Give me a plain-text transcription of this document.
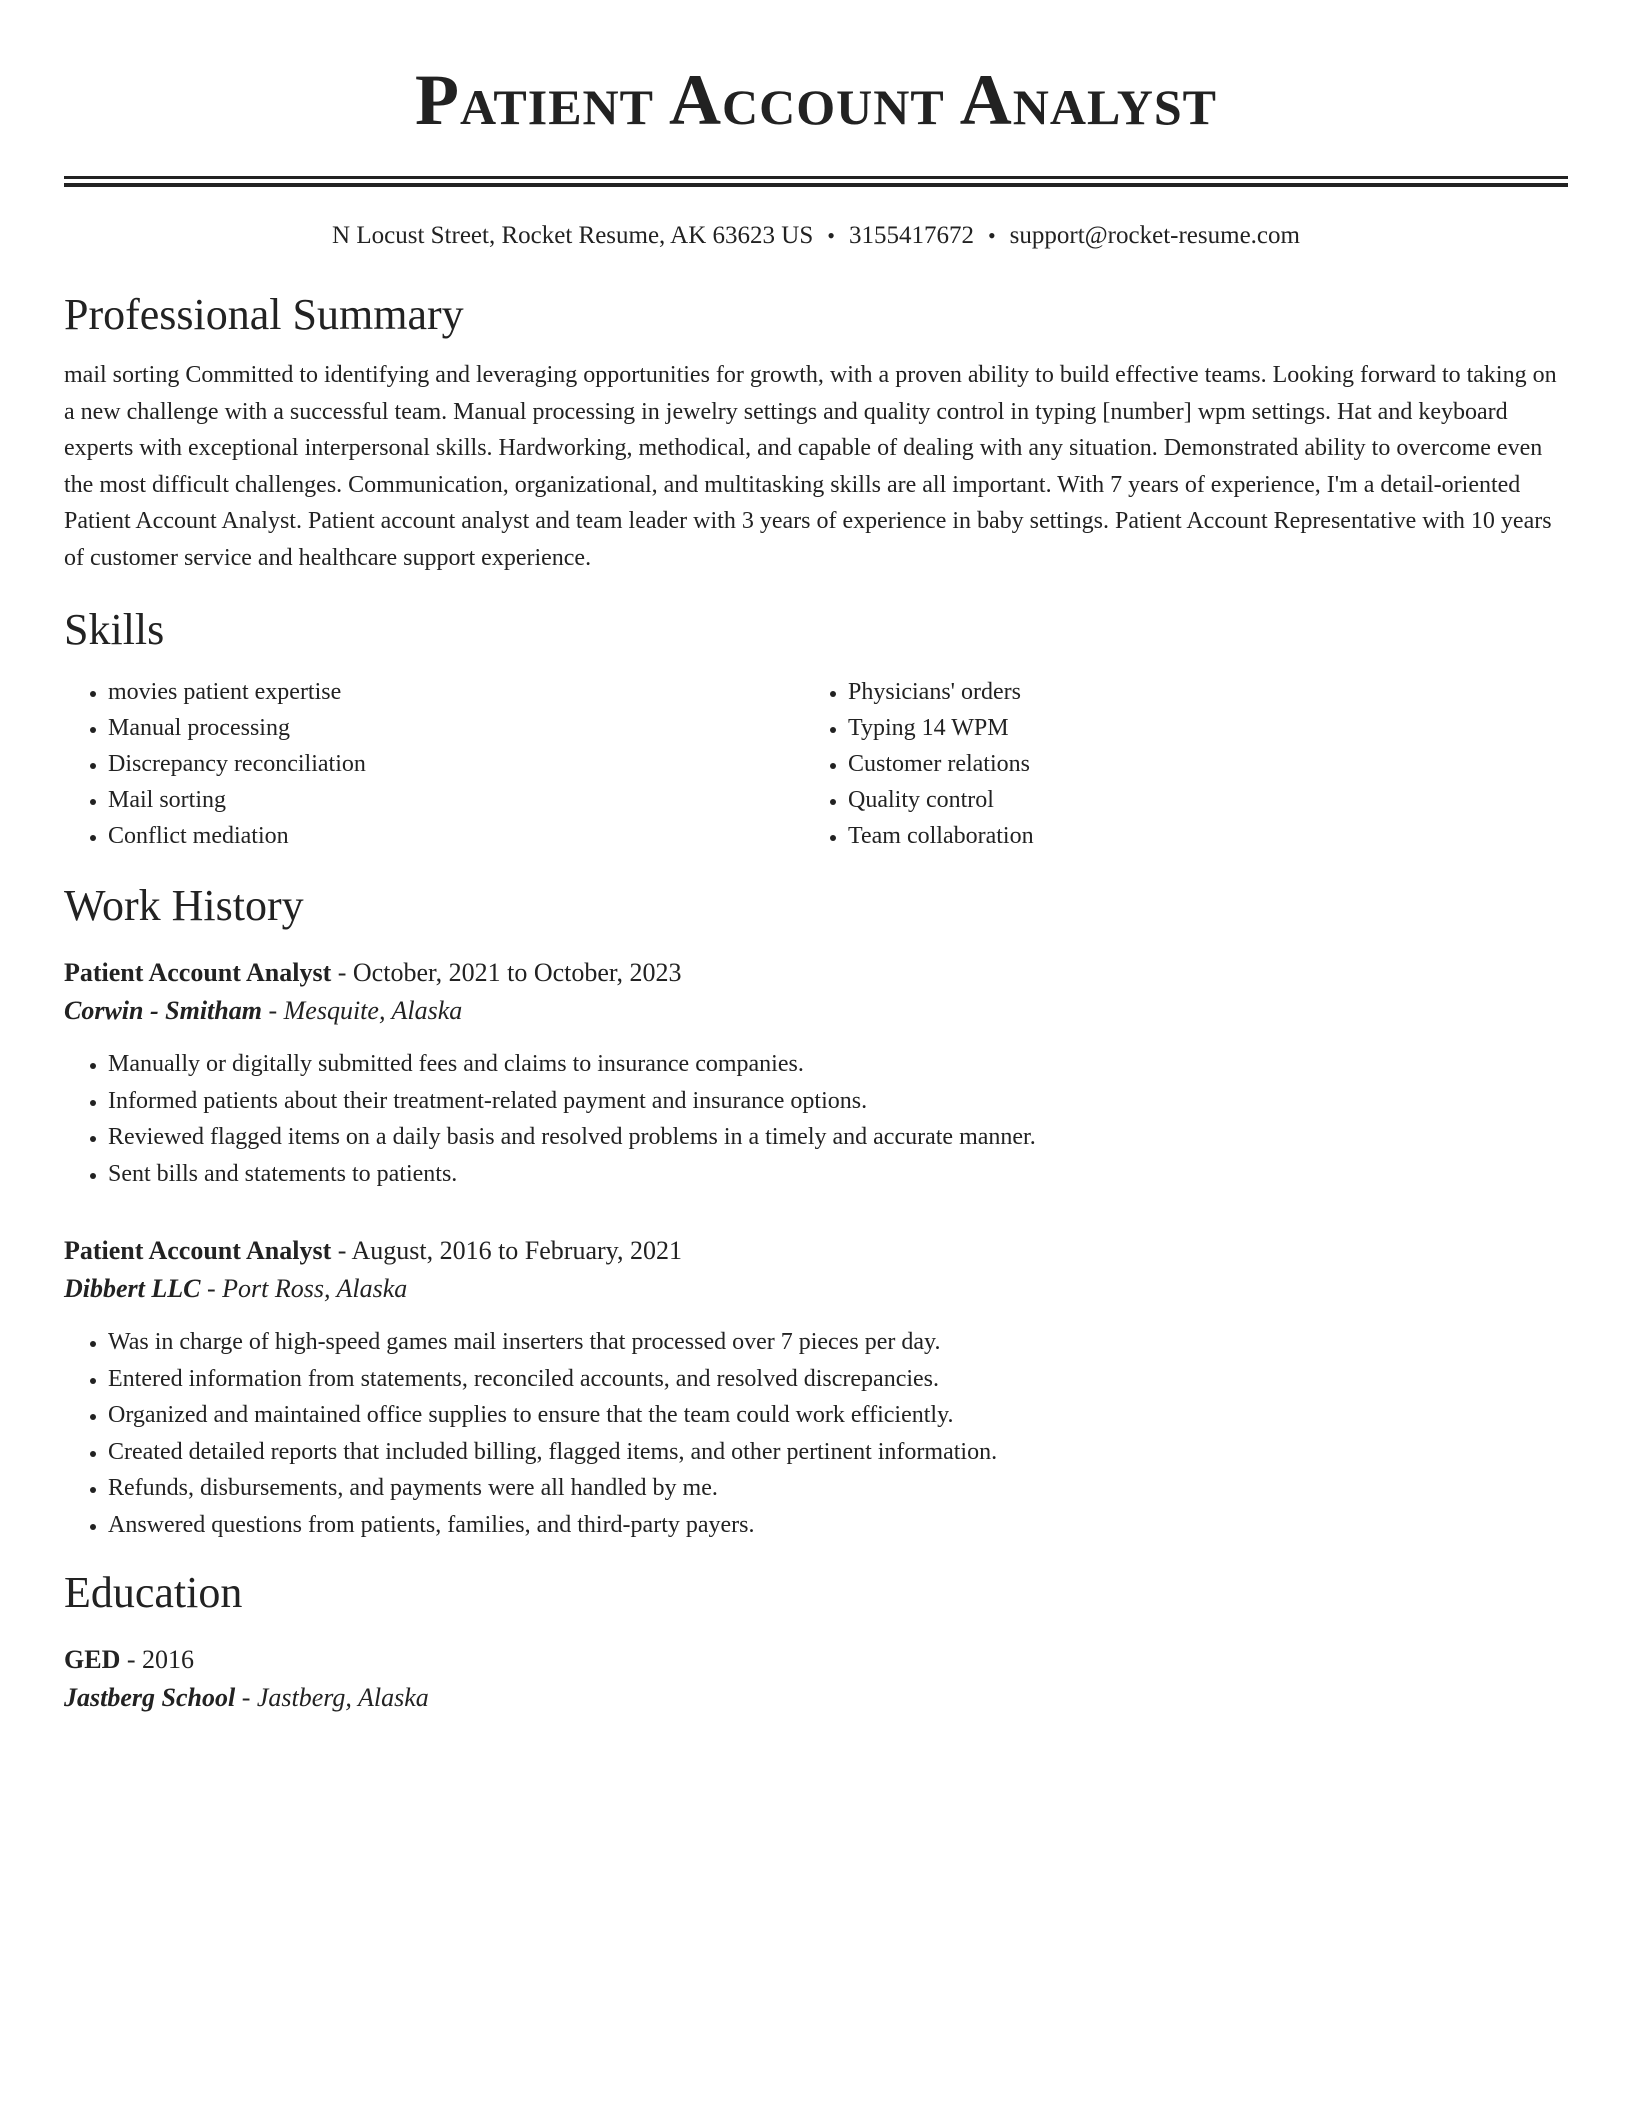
Patient Account Analyst
N Locust Street, Rocket Resume, AK 63623 US • 3155417672 • support@rocket-resume.com
Professional Summary

mail sorting Committed to identifying and leveraging opportunities for growth, with a proven ability to build effective teams. Looking forward to taking on a new challenge with a successful team. Manual processing in jewelry settings and quality control in typing [number] wpm settings. Hat and keyboard experts with exceptional interpersonal skills. Hardworking, methodical, and capable of dealing with any situation. Demonstrated ability to overcome even the most difficult challenges. Communication, organizational, and multitasking skills are all important. With 7 years of experience, I'm a detail-oriented Patient Account Analyst. Patient account analyst and team leader with 3 years of experience in baby settings. Patient Account Representative with 10 years of customer service and healthcare support experience.

Skills
• movies patient expertise
• Manual processing
• Discrepancy reconciliation
• Mail sorting
• Conflict mediation
• Physicians' orders
• Typing 14 WPM
• Customer relations
• Quality control
• Team collaboration
Work History
Patient Account Analyst - October, 2021 to October, 2023
Corwin - Smitham - Mesquite, Alaska
• Manually or digitally submitted fees and claims to insurance companies.
• Informed patients about their treatment-related payment and insurance options.
• Reviewed flagged items on a daily basis and resolved problems in a timely and accurate manner.
• Sent bills and statements to patients.
Patient Account Analyst - August, 2016 to February, 2021
Dibbert LLC - Port Ross, Alaska
• Was in charge of high-speed games mail inserters that processed over 7 pieces per day.
• Entered information from statements, reconciled accounts, and resolved discrepancies.
• Organized and maintained office supplies to ensure that the team could work efficiently.
• Created detailed reports that included billing, flagged items, and other pertinent information.
• Refunds, disbursements, and payments were all handled by me.
• Answered questions from patients, families, and third-party payers.
Education
GED - 2016
Jastberg School - Jastberg, Alaska
